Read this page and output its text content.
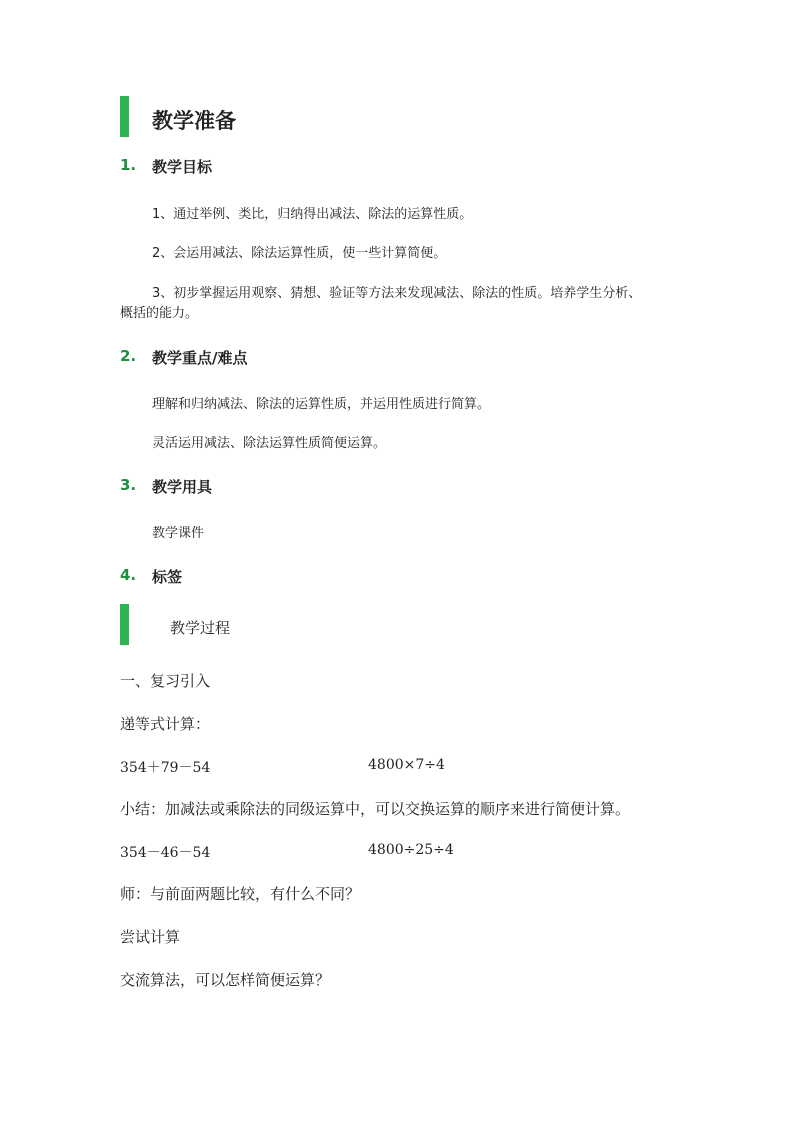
教学准备
1. 教学目标
1、通过举例、类比，归纳得出减法、除法的运算性质。
2、会运用减法、除法运算性质，使一些计算简便。
3、初步掌握运用观察、猜想、验证等方法来发现减法、除法的性质。培养学生分析、
概括的能力。
2. 教学重点/难点
理解和归纳减法、除法的运算性质，并运用性质进行简算。
灵活运用减法、除法运算性质简便运算。
3. 教学用具
教学课件
4. 标签
教学过程
一、复习引入
递等式计算：
354＋79－54	4800×7÷4
小结：加减法或乘除法的同级运算中，可以交换运算的顺序来进行简便计算。
354－46－54	4800÷25÷4
师：与前面两题比较，有什么不同？
尝试计算
交流算法，可以怎样简便运算？
